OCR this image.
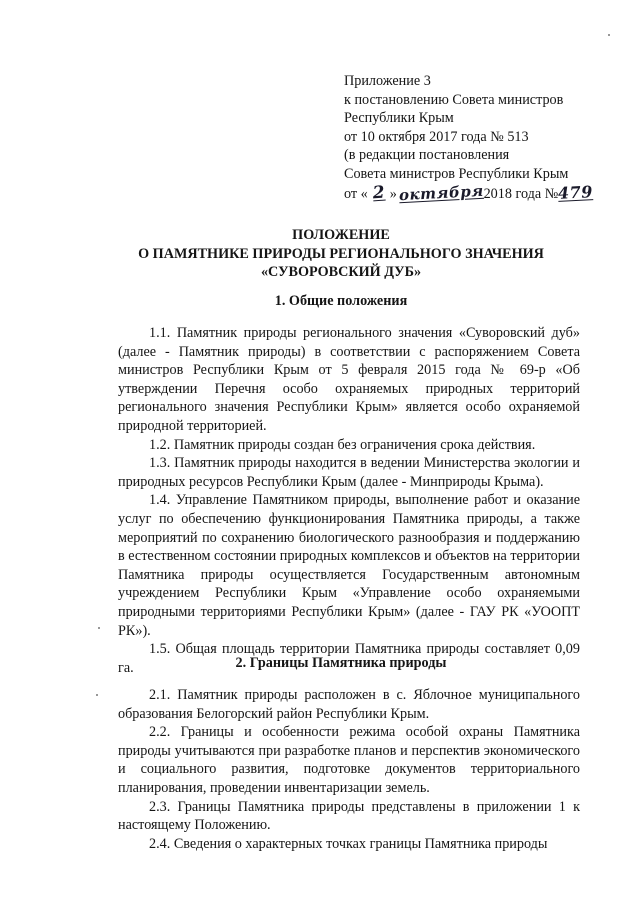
Приложение 3
к постановлению Совета министров
Республики Крым
от 10 октября 2017 года № 513
(в редакции постановления
Совета министров Республики Крым
от « 2 » октября2018 года №479
ПОЛОЖЕНИЕ
О ПАМЯТНИКЕ ПРИРОДЫ РЕГИОНАЛЬНОГО ЗНАЧЕНИЯ
«СУВОРОВСКИЙ ДУБ»
1. Общие положения

1.1. Памятник природы регионального значения «Суворовский дуб» (далее - Памятник природы) в соответствии с распоряжением Совета министров Республики Крым от 5 февраля 2015 года № 69-р «Об утверждении Перечня особо охраняемых природных территорий регионального значения Республики Крым» является особо охраняемой природной территорией.

1.2. Памятник природы создан без ограничения срока действия.

1.3. Памятник природы находится в ведении Министерства экологии и природных ресурсов Республики Крым (далее - Минприроды Крыма).

1.4. Управление Памятником природы, выполнение работ и оказание услуг по обеспечению функционирования Памятника природы, а также мероприятий по сохранению биологического разнообразия и поддержанию в естественном состоянии природных комплексов и объектов на территории Памятника природы осуществляется Государственным автономным учреждением Республики Крым «Управление особо охраняемыми природными территориями Республики Крым» (далее - ГАУ РК «УООПТ РК»).

1.5. Общая площадь территории Памятника природы составляет 0,09 га.	2. Границы Памятника природы

2.1. Памятник природы расположен в с. Яблочное муниципального образования Белогорский район Республики Крым.

2.2. Границы и особенности режима особой охраны Памятника природы учитываются при разработке планов и перспектив экономического и социального развития, подготовке документов территориального планирования, проведении инвентаризации земель.

2.3. Границы Памятника природы представлены в приложении 1 к настоящему Положению.

2.4. Сведения о характерных точках границы Памятника природы
